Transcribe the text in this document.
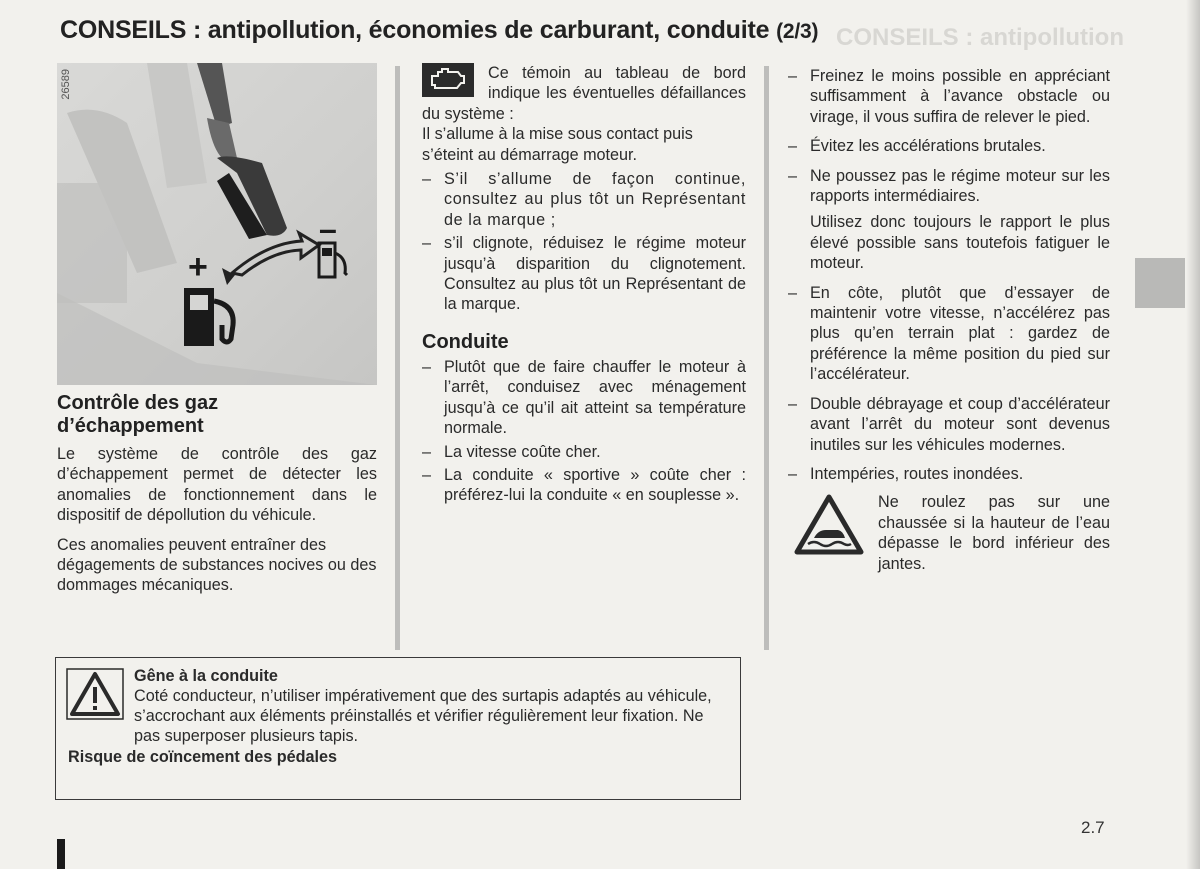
CONSEILS : antipollution, économies de carburant, conduite (2/3) CONSEILS : antipollution
26589
+
–
Contrôle des gaz d’échappement

Le système de contrôle des gaz d’échappement permet de détecter les anomalies de fonctionnement dans le dispositif de dépollution du véhicule.

Ces anomalies peuvent entraîner des dégagements de substances nocives ou des dommages mécaniques.

Ce témoin au tableau de bord indique les éventuelles défaillances du système :

Il s’allume à la mise sous contact puis s’éteint au démarrage moteur.

– S’il s’allume de façon continue, consultez au plus tôt un Représentant de la marque ;
– s’il clignote, réduisez le régime moteur jusqu’à disparition du clignotement. Consultez au plus tôt un Représentant de la marque.
Conduite
– Plutôt que de faire chauffer le moteur à l’arrêt, conduisez avec ménagement jusqu’à ce qu’il ait atteint sa température normale.
– La vitesse coûte cher.
– La conduite « sportive » coûte cher : préférez-lui la conduite « en souplesse ».
– Freinez le moins possible en appréciant suffisamment à l’avance obstacle ou virage, il vous suffira de relever le pied.
– Évitez les accélérations brutales.
– Ne poussez pas le régime moteur sur les rapports intermédiaires.
Utilisez donc toujours le rapport le plus élevé possible sans toutefois fatiguer le moteur.
– En côte, plutôt que d’essayer de maintenir votre vitesse, n’accélérez pas plus qu’en terrain plat : gardez de préférence la même position du pied sur l’accélérateur.
– Double débrayage et coup d’accélérateur avant l’arrêt du moteur sont devenus inutiles sur les véhicules modernes.
– Intempéries, routes inondées.
Ne roulez pas sur une chaussée si la hauteur de l’eau dépasse le bord inférieur des jantes.
Gêne à la conduite
Coté conducteur, n’utiliser impérativement que des surtapis adaptés au véhicule, s’accrochant aux éléments préinstallés et vérifier régulièrement leur fixation. Ne pas superposer plusieurs tapis.
Risque de coïncement des pédales
2.7
